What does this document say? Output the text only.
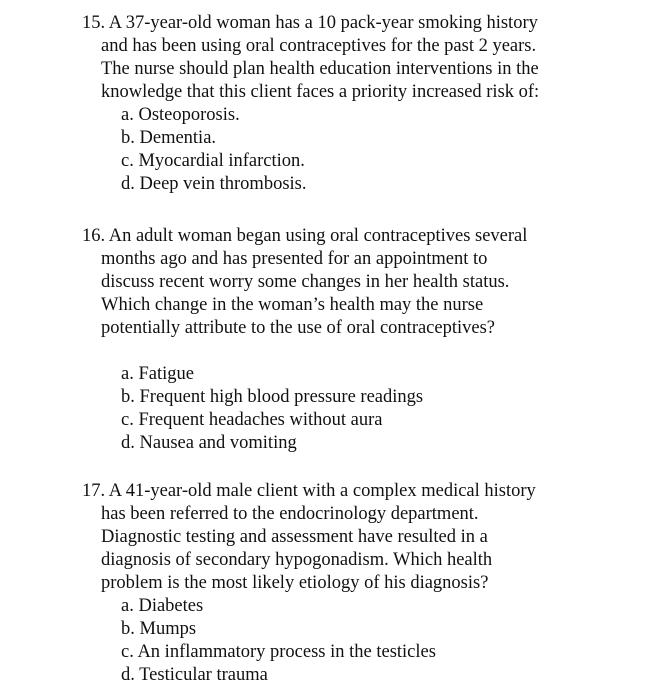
15. A 37-year-old woman has a 10 pack-year smoking history
and has been using oral contraceptives for the past 2 years.
The nurse should plan health education interventions in the
knowledge that this client faces a priority increased risk of:
a. Osteoporosis.
b. Dementia.
c. Myocardial infarction.
d. Deep vein thrombosis.
16. An adult woman began using oral contraceptives several
months ago and has presented for an appointment to
discuss recent worry some changes in her health status.
Which change in the woman’s health may the nurse
potentially attribute to the use of oral contraceptives?
a. Fatigue
b. Frequent high blood pressure readings
c. Frequent headaches without aura
d. Nausea and vomiting
17. A 41-year-old male client with a complex medical history
has been referred to the endocrinology department.
Diagnostic testing and assessment have resulted in a
diagnosis of secondary hypogonadism. Which health
problem is the most likely etiology of his diagnosis?
a. Diabetes
b. Mumps
c. An inflammatory process in the testicles
d. Testicular trauma
